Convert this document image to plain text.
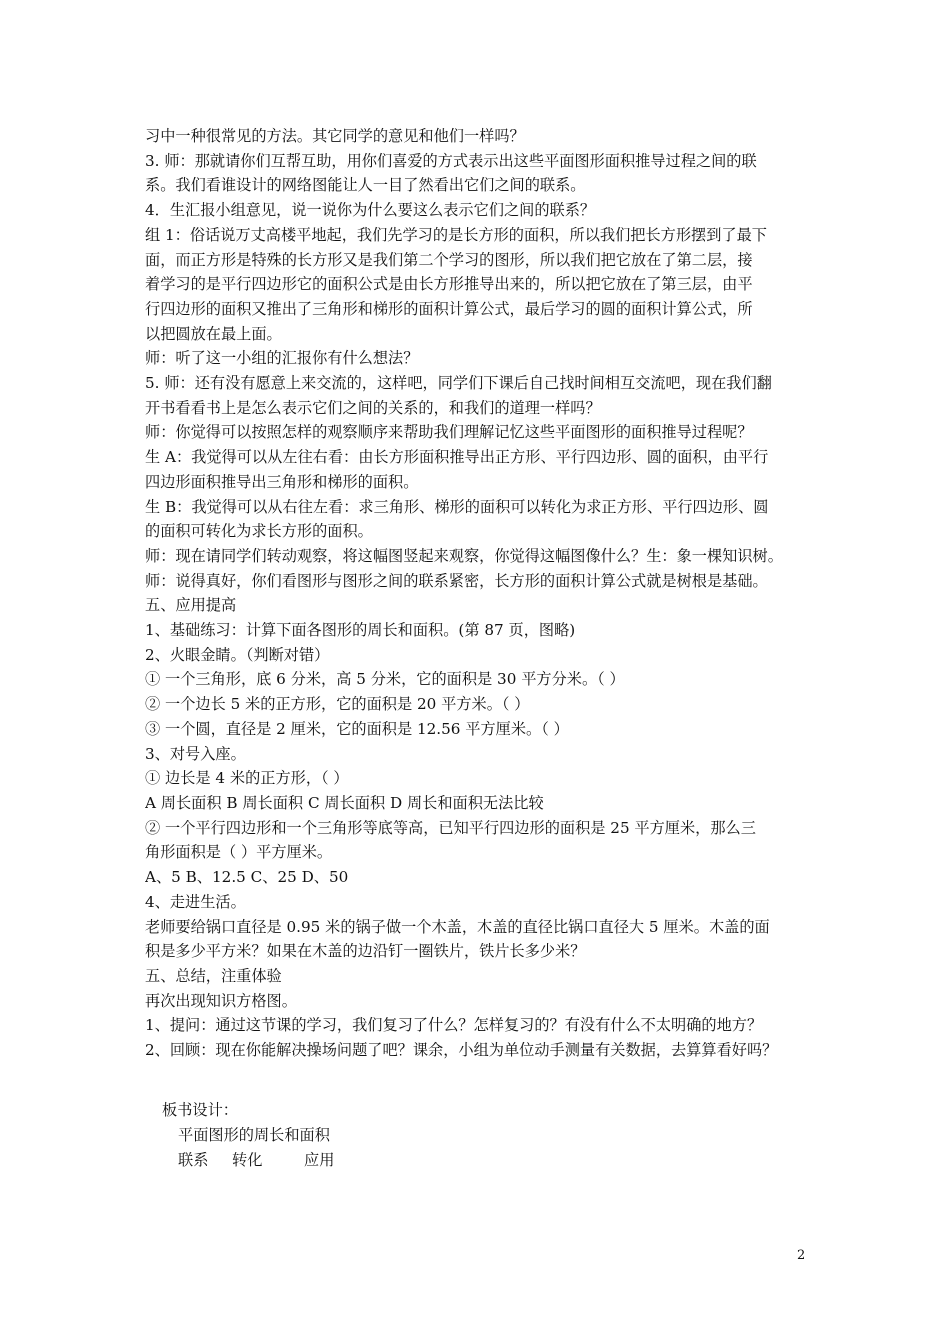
习中一种很常见的方法。其它同学的意见和他们一样吗？
3. 师：那就请你们互帮互助，用你们喜爱的方式表示出这些平面图形面积推导过程之间的联
系。我们看谁设计的网络图能让人一目了然看出它们之间的联系。
4．生汇报小组意见，说一说你为什么要这么表示它们之间的联系？
组 1：俗话说万丈高楼平地起，我们先学习的是长方形的面积，所以我们把长方形摆到了最下
面，而正方形是特殊的长方形又是我们第二个学习的图形，所以我们把它放在了第二层，接
着学习的是平行四边形它的面积公式是由长方形推导出来的，所以把它放在了第三层，由平
行四边形的面积又推出了三角形和梯形的面积计算公式，最后学习的圆的面积计算公式，所
以把圆放在最上面。
师：听了这一小组的汇报你有什么想法？
5. 师：还有没有愿意上来交流的，这样吧，同学们下课后自己找时间相互交流吧，现在我们翻
开书看看书上是怎么表示它们之间的关系的，和我们的道理一样吗？
师：你觉得可以按照怎样的观察顺序来帮助我们理解记忆这些平面图形的面积推导过程呢？
生 A：我觉得可以从左往右看：由长方形面积推导出正方形、平行四边形、圆的面积，由平行
四边形面积推导出三角形和梯形的面积。
生 B：我觉得可以从右往左看：求三角形、梯形的面积可以转化为求正方形、平行四边形、圆
的面积可转化为求长方形的面积。
师：现在请同学们转动观察，将这幅图竖起来观察，你觉得这幅图像什么？生：象一棵知识树。
师：说得真好，你们看图形与图形之间的联系紧密，长方形的面积计算公式就是树根是基础。
五、应用提高
1、基础练习：计算下面各图形的周长和面积。(第 87 页，图略)
2、火眼金睛。（判断对错）
① 一个三角形，底 6 分米，高 5 分米，它的面积是 30 平方分米。（ ）
② 一个边长 5 米的正方形，它的面积是 20 平方米。（ ）
③ 一个圆，直径是 2 厘米，它的面积是 12.56 平方厘米。（ ）
3、对号入座。
① 边长是 4 米的正方形，（ ）
A 周长面积 B 周长面积 C 周长面积 D 周长和面积无法比较
② 一个平行四边形和一个三角形等底等高，已知平行四边形的面积是 25 平方厘米，那么三
角形面积是（ ）平方厘米。
A、5 B、12.5 C、25 D、50
4、走进生活。
老师要给锅口直径是 0.95 米的锅子做一个木盖，木盖的直径比锅口直径大 5 厘米。木盖的面
积是多少平方米？如果在木盖的边沿钉一圈铁片，铁片长多少米？
五、总结，注重体验
再次出现知识方格图。
1、提问：通过这节课的学习，我们复习了什么？怎样复习的？有没有什么不太明确的地方？
2、回顾：现在你能解决操场问题了吧？课余，小组为单位动手测量有关数据，去算算看好吗？
板书设计：
平面图形的周长和面积
联系 转化	应用
2
